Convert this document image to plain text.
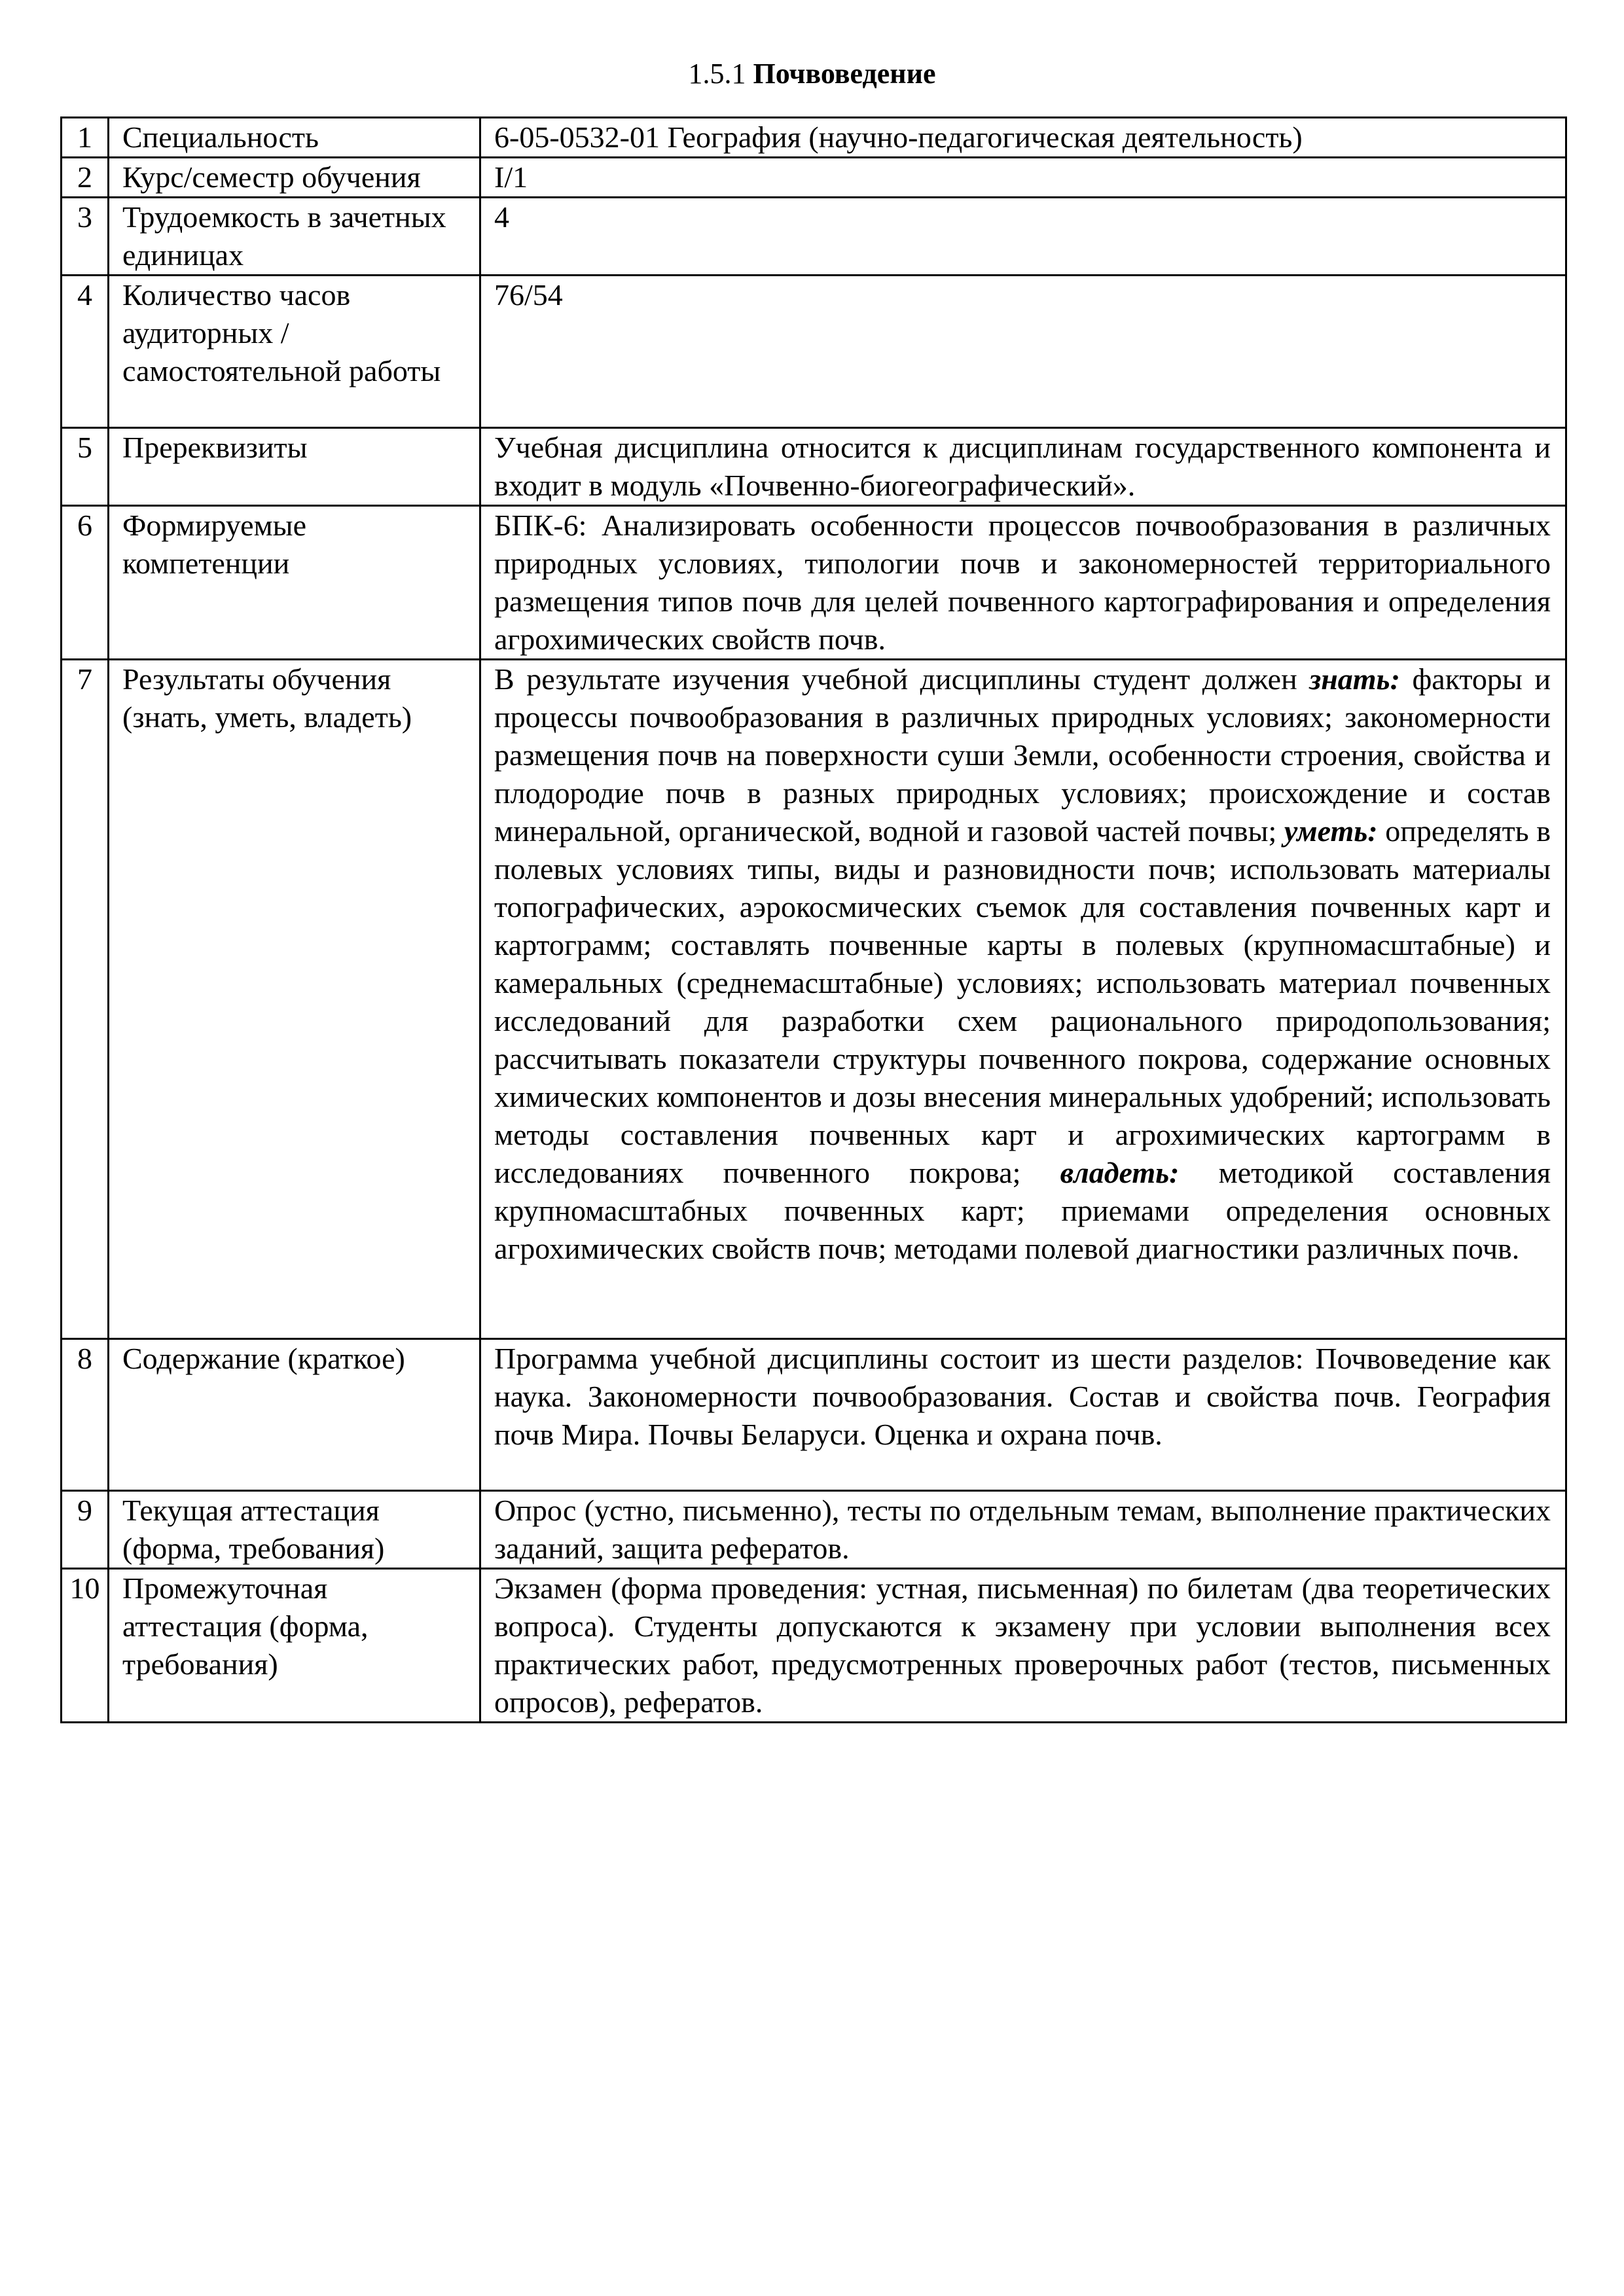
1.5.1 Почвоведение
1	Специальность	6-05-0532-01 География (научно-педагогическая деятельность)
2	Курс/семестр обучения	I/1
3	Трудоемкость в зачетных единицах	4
4	Количество часов аудиторных / самостоятельной работы	76/54
5	Пререквизиты	Учебная дисциплина относится к дисциплинам государственного компонента и входит в модуль «Почвенно-биогеографический».
6	Формируемые компетенции	БПК-6: Анализировать особенности процессов почвообразования в различных природных условиях, типологии почв и закономерностей территориального размещения типов почв для целей почвенного картографирования и определения агрохимических свойств почв.
7	Результаты обучения (знать, уметь, владеть)	В результате изучения учебной дисциплины студент должен знать: факторы и процессы почвообразования в различных природных условиях; закономерности размещения почв на поверхности суши Земли, особенности строения, свойства и плодородие почв в разных природных условиях; происхождение и состав минеральной, органической, водной и газовой частей почвы; уметь: определять в полевых условиях типы, виды и разновидности почв; использовать материалы топографических, аэрокосмических съемок для составления почвенных карт и картограмм; составлять почвенные карты в полевых (крупномасштабные) и камеральных (среднемасштабные) условиях; использовать материал почвенных исследований для разработки схем рационального природопользования; рассчитывать показатели структуры почвенного покрова, содержание основных химических компонентов и дозы внесения минеральных удобрений; использовать методы составления почвенных карт и агрохимических картограмм в исследованиях почвенного покрова; владеть: методикой составления крупномасштабных почвенных карт; приемами определения основных агрохимических свойств почв; методами полевой диагностики различных почв.
8	Содержание (краткое)	Программа учебной дисциплины состоит из шести разделов: Почвоведение как наука. Закономерности почвообразования. Состав и свойства почв. География почв Мира. Почвы Беларуси. Оценка и охрана почв.
9	Текущая аттестация (форма, требования)	Опрос (устно, письменно), тесты по отдельным темам, выполнение практических заданий, защита рефератов.
10	Промежуточная аттестация (форма, требования)	Экзамен (форма проведения: устная, письменная) по билетам (два теоретических вопроса). Студенты допускаются к экзамену при условии выполнения всех практических работ, предусмотренных проверочных работ (тестов, письменных опросов), рефератов.
